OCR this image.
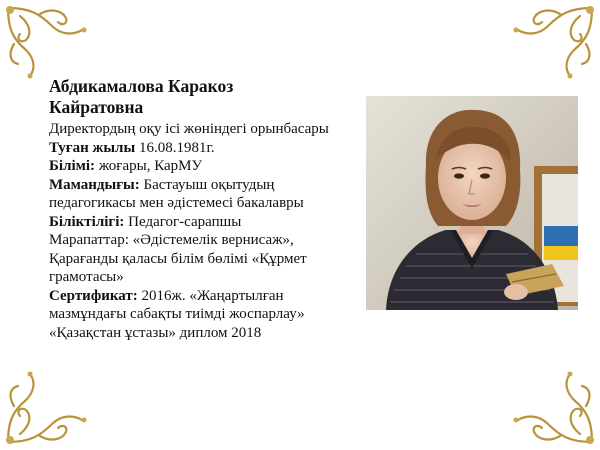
Абдикамалова Каракоз
Кайратовна

Директордың оқу ісі жөніндегі орынбасары

Туған жылы 16.08.1981г.

Білімі: жоғары, КарМУ

Мамандығы: Бастауыш оқытудың

педагогикасы мен әдістемесі бакалавры

Біліктілігі: Педагог-сарапшы

Марапаттар: «Әдістемелік вернисаж»,

Қарағанды қаласы білім бөлімі «Құрмет

грамотасы»

Сертификат: 2016ж. «Жаңартылған

мазмұндағы сабақты тиімді жоспарлау»

«Қазақстан ұстазы» диплом 2018
